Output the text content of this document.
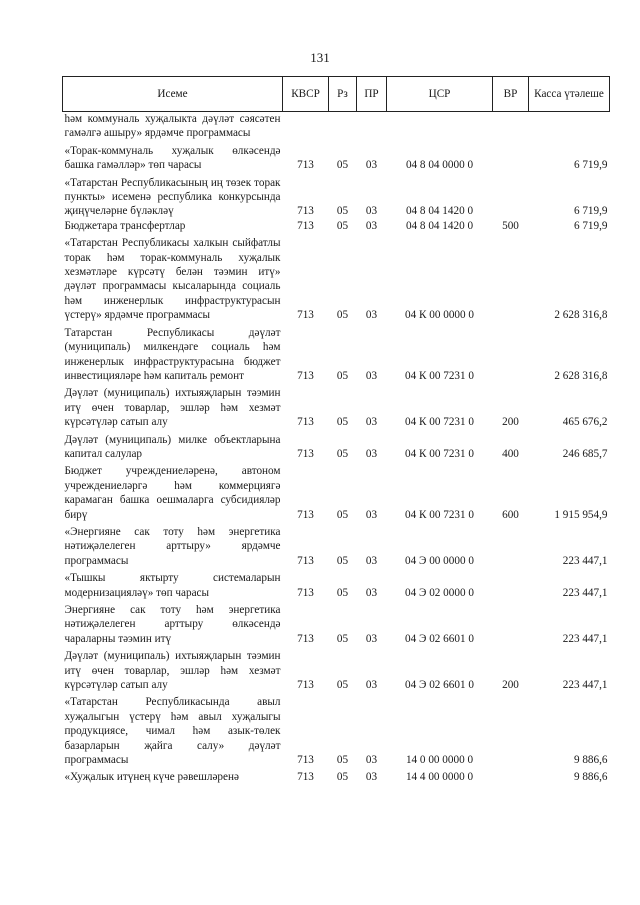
131
Исеме	КВСР	Рз	ПР	ЦСР	ВР	Касса үтәлеше
һәм коммуналь хуҗалыкта дәүләт сәясәтен гамәлгә ашыру» ярдәмче программасы						
«Торак-коммуналь хуҗалык өлкәсендә башка гамәлләр» төп чарасы	713	05	03	04 8 04 0000 0		6 719,9
«Татарстан Республикасының иң төзек торак пункты» исеменә республика конкурсында җиңүчеләрне бүләкләү	713	05	03	04 8 04 1420 0		6 719,9
Бюджетара трансфертлар	713	05	03	04 8 04 1420 0	500	6 719,9
«Татарстан Республикасы халкын сыйфатлы торак һәм торак-коммуналь хуҗалык хезмәтләре күрсәтү белән тәэмин итү» дәүләт программасы кысаларында социаль һәм инженерлык инфраструктурасын үстерү» ярдәмче программасы	713	05	03	04 К 00 0000 0		2 628 316,8
Татарстан Республикасы дәүләт (муниципаль) милкендәге социаль һәм инженерлык инфраструктурасына бюджет инвестицияләре һәм капиталь ремонт	713	05	03	04 К 00 7231 0		2 628 316,8
Дәүләт (муниципаль) ихтыяҗларын тәэмин итү өчен товарлар, эшләр һәм хезмәт күрсәтүләр сатып алу	713	05	03	04 К 00 7231 0	200	465 676,2
Дәүләт (муниципаль) милке объектларына капитал салулар	713	05	03	04 К 00 7231 0	400	246 685,7
Бюджет учреждениеләренә, автоном учреждениеләргә һәм коммерциягә карамаган башка оешмаларга субсидияләр бирү	713	05	03	04 К 00 7231 0	600	1 915 954,9
«Энергияне сак тоту һәм энергетика нәтиҗәлелеген арттыру» ярдәмче программасы	713	05	03	04 Э 00 0000 0		223 447,1
«Тышкы яктырту системаларын модернизацияләү» төп чарасы	713	05	03	04 Э 02 0000 0		223 447,1
Энергияне сак тоту һәм энергетика нәтиҗәлелеген арттыру өлкәсендә чараларны тәэмин итү	713	05	03	04 Э 02 6601 0		223 447,1
Дәүләт (муниципаль) ихтыяҗларын тәэмин итү өчен товарлар, эшләр һәм хезмәт күрсәтүләр сатып алу	713	05	03	04 Э 02 6601 0	200	223 447,1
«Татарстан Республикасында авыл хуҗалыгын үстерү һәм авыл хуҗалыгы продукциясе, чимал һәм азык-төлек базарларын җайга салу» дәүләт программасы	713	05	03	14 0 00 0000 0		9 886,6
«Хуҗалык итүнең күче рәвешләренә	713	05	03	14 4 00 0000 0		9 886,6
